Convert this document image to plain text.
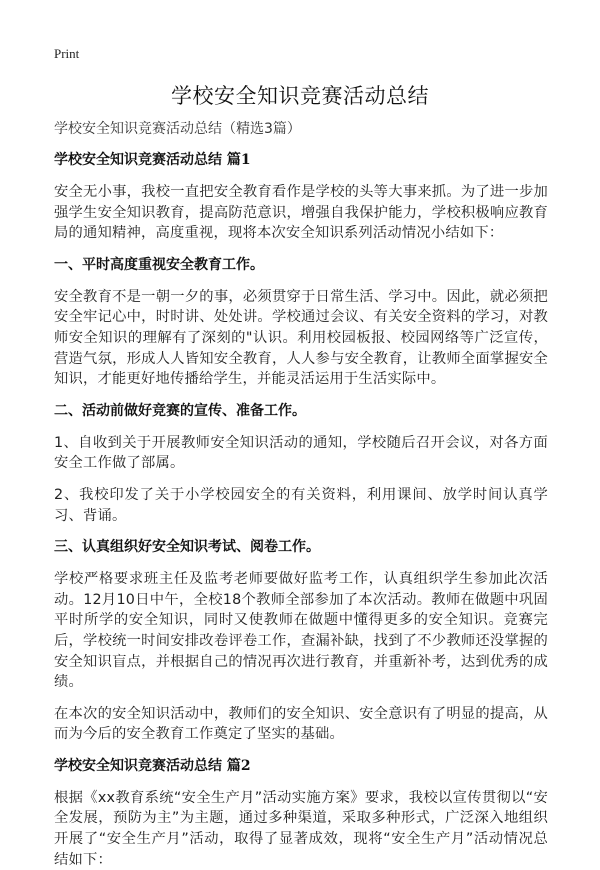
Print
学校安全知识竞赛活动总结
学校安全知识竞赛活动总结（精选3篇）
学校安全知识竞赛活动总结 篇1

安全无小事，我校一直把安全教育看作是学校的头等大事来抓。为了进一步加强学生安全知识教育，提高防范意识，增强自我保护能力，学校积极响应教育局的通知精神，高度重视，现将本次安全知识系列活动情况小结如下：

一、平时高度重视安全教育工作。

安全教育不是一朝一夕的事，必须贯穿于日常生活、学习中。因此，就必须把安全牢记心中，时时讲、处处讲。学校通过会议、有关安全资料的学习，对教师安全知识的理解有了深刻的"认识。利用校园板报、校园网络等广泛宣传，营造气氛，形成人人皆知安全教育，人人参与安全教育，让教师全面掌握安全知识，才能更好地传播给学生，并能灵活运用于生活实际中。

二、活动前做好竞赛的宣传、准备工作。

1、自收到关于开展教师安全知识活动的通知，学校随后召开会议，对各方面安全工作做了部属。

2、我校印发了关于小学校园安全的有关资料，利用课间、放学时间认真学习、背诵。

三、认真组织好安全知识考试、阅卷工作。

学校严格要求班主任及监考老师要做好监考工作，认真组织学生参加此次活动。12月10日中午，全校18个教师全部参加了本次活动。教师在做题中巩固平时所学的安全知识，同时又使教师在做题中懂得更多的安全知识。竞赛完后，学校统一时间安排改卷评卷工作，查漏补缺，找到了不少教师还没掌握的安全知识盲点，并根据自己的情况再次进行教育，并重新补考，达到优秀的成绩。

在本次的安全知识活动中，教师们的安全知识、安全意识有了明显的提高，从而为今后的安全教育工作奠定了坚实的基础。

学校安全知识竞赛活动总结 篇2

根据《xx教育系统“安全生产月”活动实施方案》要求，我校以宣传贯彻以“安全发展，预防为主”为主题，通过多种渠道，采取多种形式，广泛深入地组织开展了“安全生产月”活动，取得了显著成效，现将“安全生产月”活动情况总结如下：
